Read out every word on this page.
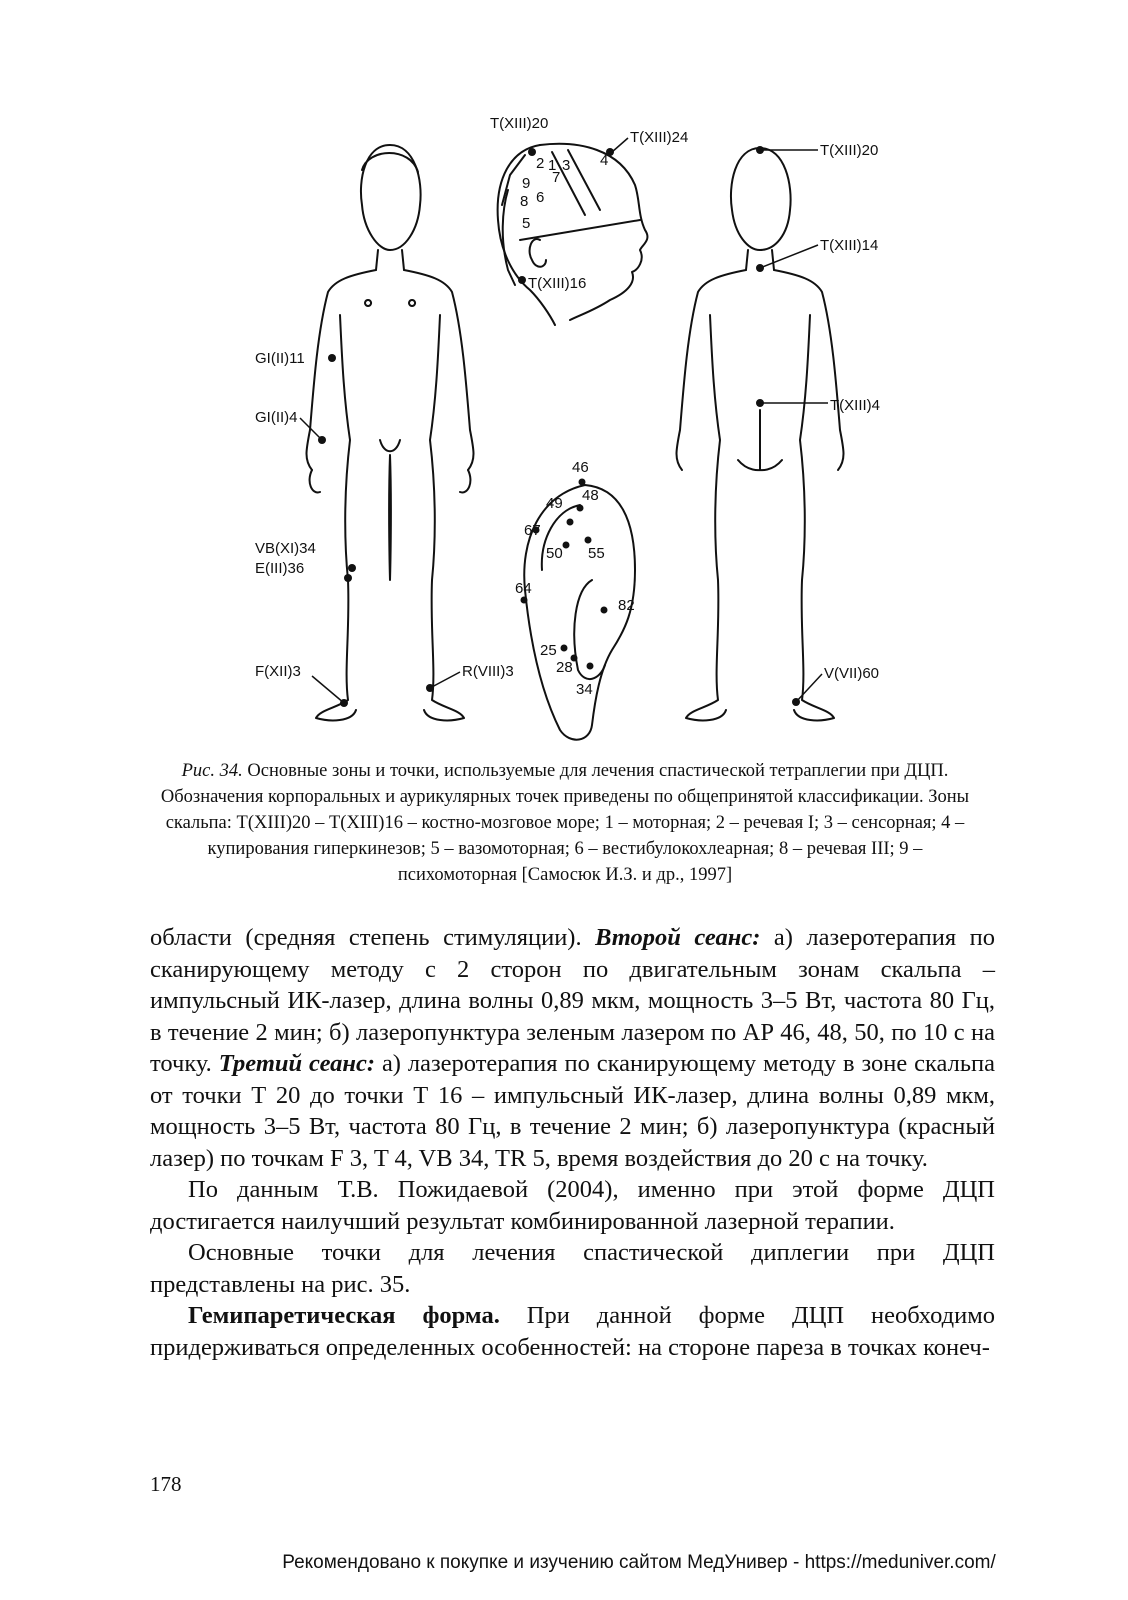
T(XIII)20
T(XIII)24
T(XIII)16
T(XIII)20
T(XIII)14
T(XIII)4
GI(II)11
GI(II)4
VB(XI)34
E(III)36
F(XII)3	R(VIII)3	V(VII)60
1
2 3 4
5
6
7
8
9
46
48
49
67
50 55
64
82
25
28
34
Рис. 34. Основные зоны и точки, используемые для лечения спастической тетраплегии при ДЦП. Обозначения корпоральных и аурикулярных точек приведены по общепринятой классификации. Зоны скальпа: Т(XIII)20 – Т(XIII)16 – костно-мозговое море; 1 – моторная; 2 – речевая I; 3 – сенсорная; 4 – купирования гиперкинезов; 5 – вазомоторная; 6 – вестибулокохлеарная; 8 – речевая III; 9 – психомоторная [Самосюк И.З. и др., 1997]

области (средняя степень стимуляции). Второй сеанс: а) лазеротерапия по сканирующему методу с 2 сторон по двигательным зонам скальпа – импульсный ИК-лазер, длина волны 0,89 мкм, мощность 3–5 Вт, частота 80 Гц, в течение 2 мин; б) лазеропунктура зеленым лазером по АР 46, 48, 50, по 10 с на точку. Третий сеанс: а) лазеротерапия по сканирующему методу в зоне скальпа от точки Т 20 до точки Т 16 – импульсный ИК-лазер, длина волны 0,89 мкм, мощность 3–5 Вт, частота 80 Гц, в течение 2 мин; б) лазеропунктура (красный лазер) по точкам F 3, T 4, VB 34, TR 5, время воздействия до 20 с на точку.

По данным Т.В. Пожидаевой (2004), именно при этой форме ДЦП достигается наилучший результат комбинированной лазерной терапии.

Основные точки для лечения спастической диплегии при ДЦП представлены на рис. 35.

Гемипаретическая форма. При данной форме ДЦП необходимо придерживаться определенных особенностей: на стороне пареза в точках конеч-

178
Рекомендовано к покупке и изучению сайтом МедУнивер - https://meduniver.com/
